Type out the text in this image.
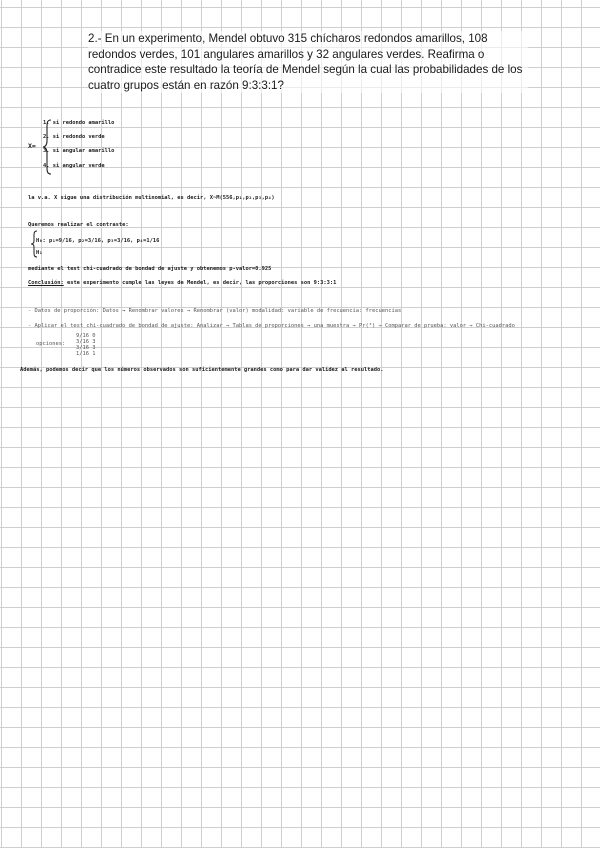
2.- En un experimento, Mendel obtuvo 315 chícharos redondos amarillos, 108 redondos verdes, 101 angulares amarillos y 32 angulares verdes. Reafirma o contradice este resultado la teoría de Mendel según la cual las probabilidades de los cuatro grupos están en razón 9:3:3:1?

X=
1. si redondo amarillo
2. si redondo verde
3. si angular amarillo
4. si angular verde
la v.a. X sigue una distribución multinomial, es decir, X~M(556,p₁,p₂,p₃,p₄)
Queremos realizar el contraste:
H₀: p₁=9/16, p₂=3/16, p₃=3/16, p₄=1/16
H₁
mediante el test chi-cuadrado de bondad de ajuste y obtenemos p-valor=0.925
Conclusión: este experimento cumple las leyes de Mendel, es decir, las proporciones son 9:3:3:1
- Datos de proporción: Datos → Renombrar valores → Renombrar (valor) modalidad: variable de frecuencia: frecuencias
- Aplicar el test chi-cuadrado de bondad de ajuste: Analizar → Tablas de proporciones → una muestra → Pr(³) → Comparar de prueba: valor → Chi-cuadrado
opciones:
9/16 0
3/16 3
3/16 3
1/16 1
Además, podemos decir que los números observados son suficientemente grandes como para dar validez al resultado.
